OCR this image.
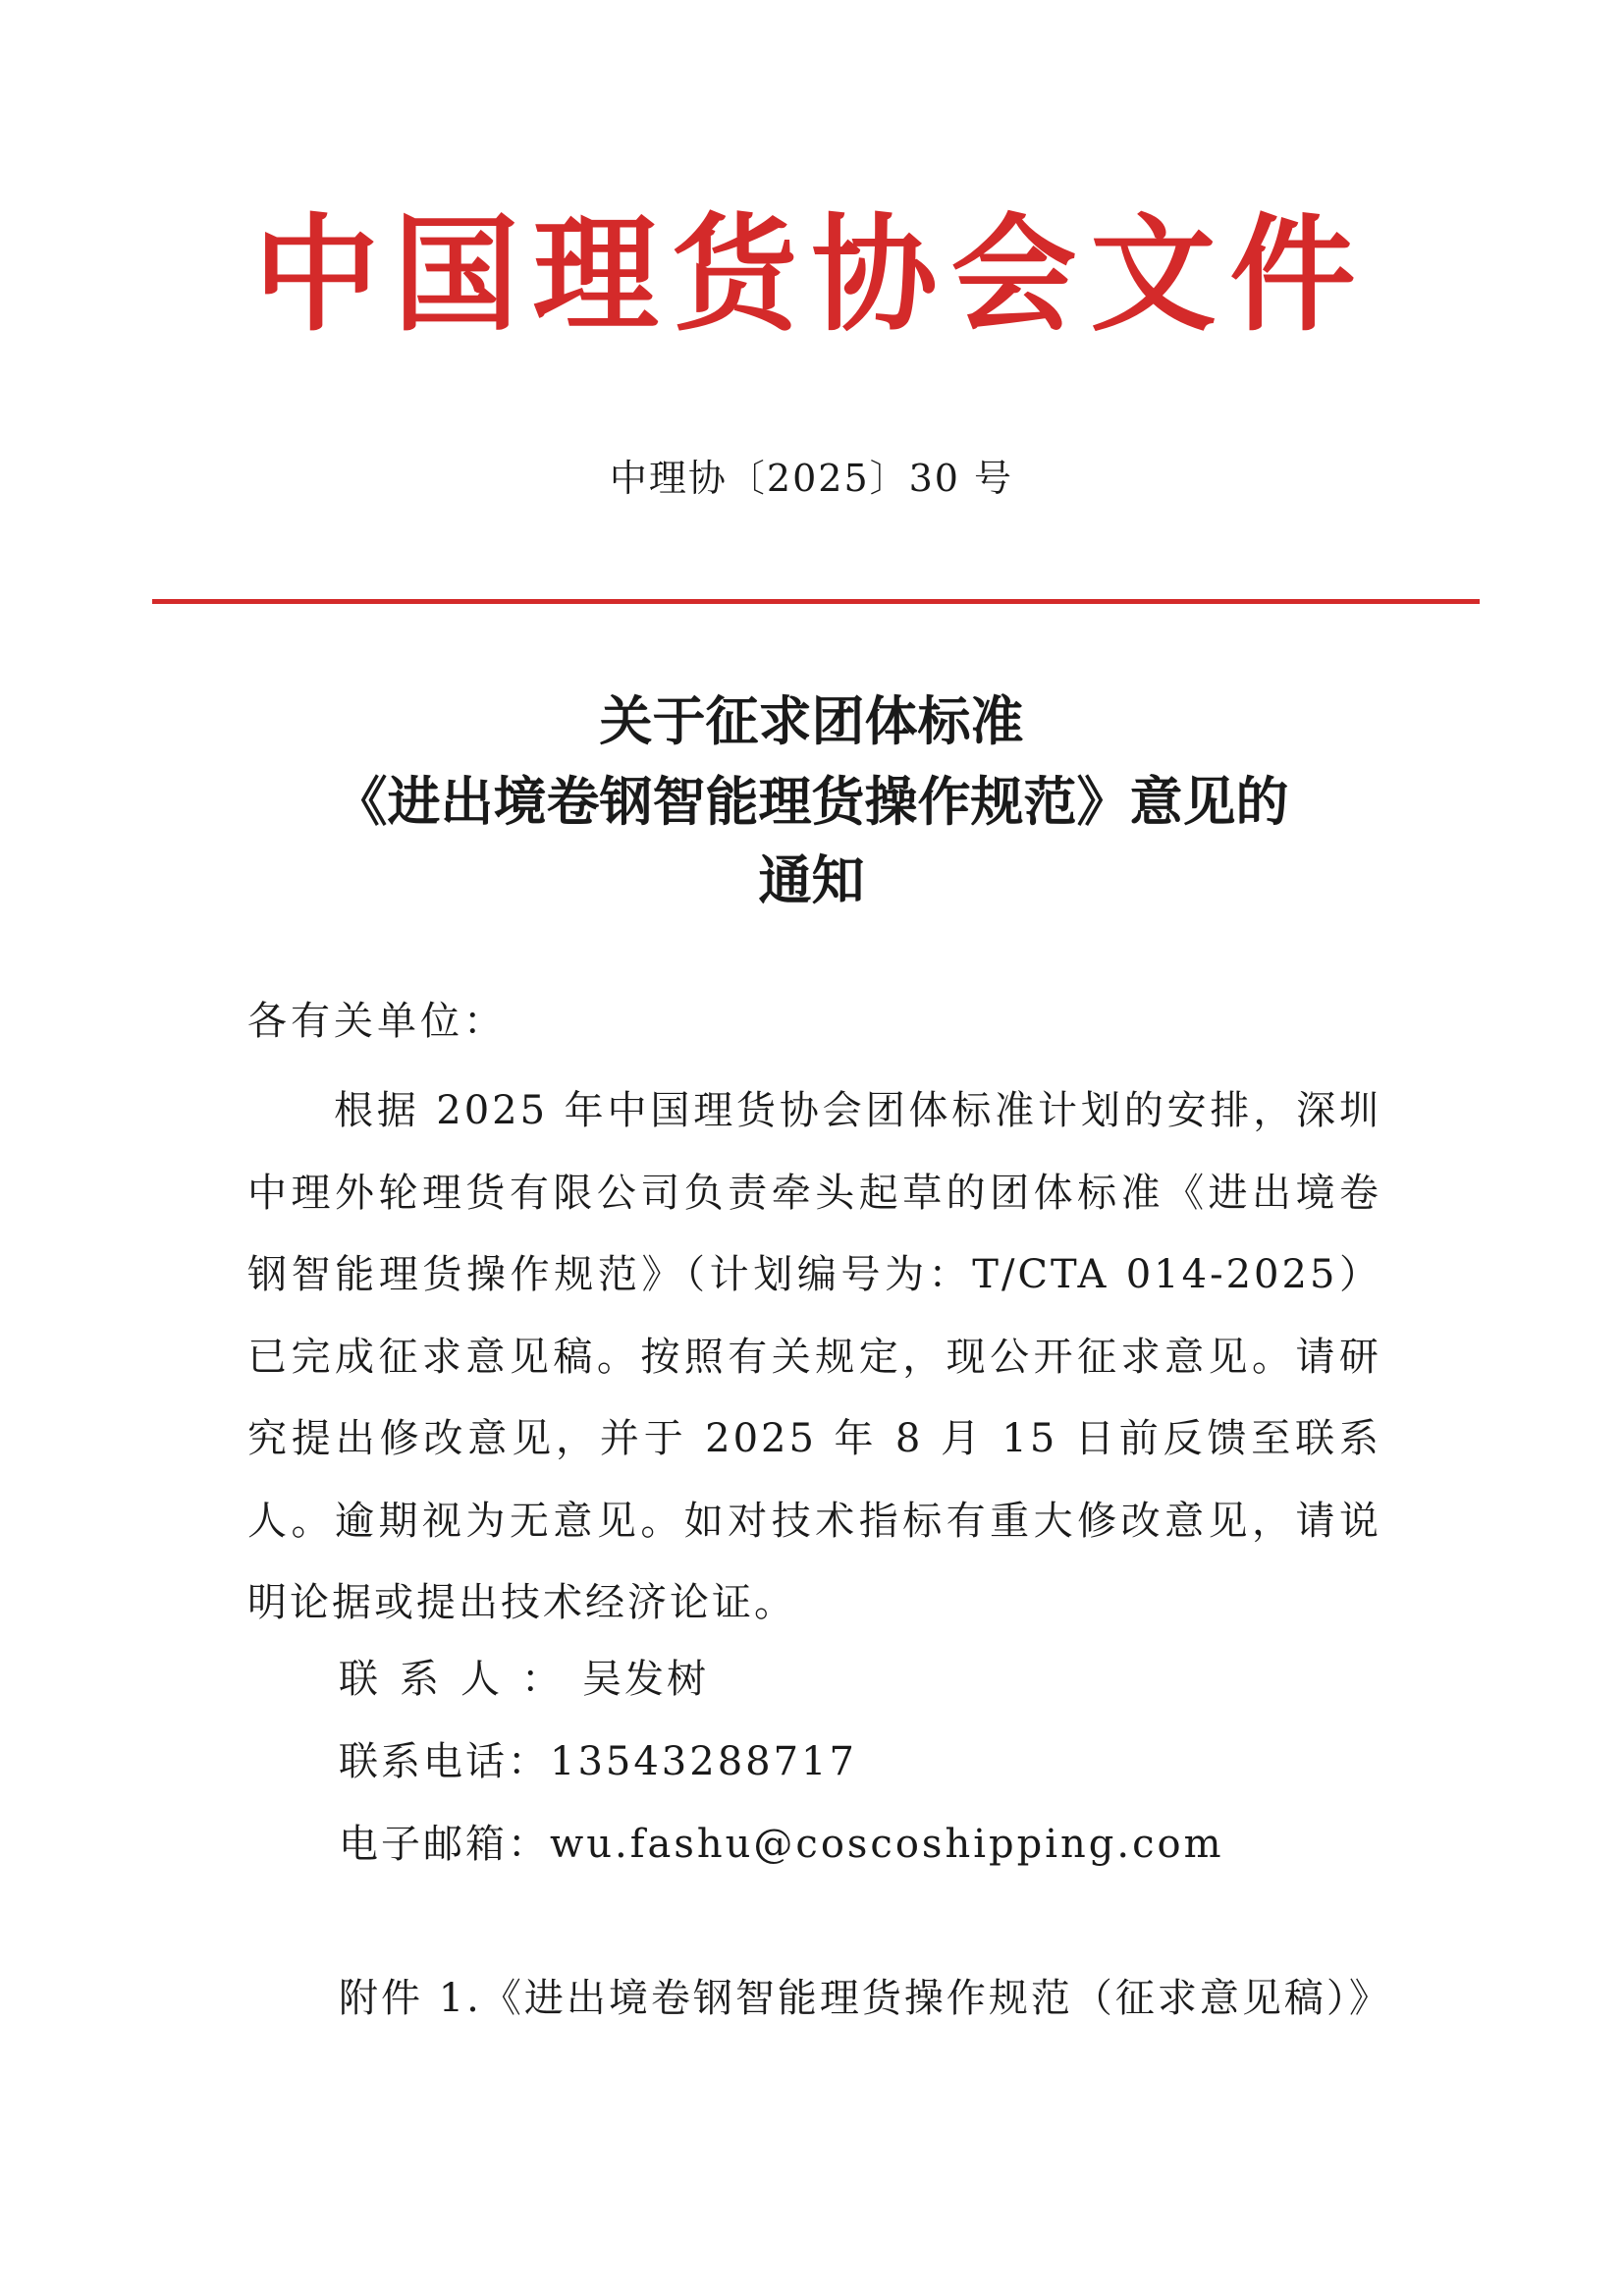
中国理货协会文件
中理协〔2025〕30 号
关于征求团体标准
《进出境卷钢智能理货操作规范》意见的
通知
各有关单位：

根据 2025 年中国理货协会团体标准计划的安排，深圳中理外轮理货有限公司负责牵头起草的团体标准《进出境卷钢智能理货操作规范》（计划编号为：T/CTA 014-2025）已完成征求意见稿。按照有关规定，现公开征求意见。请研究提出修改意见，并于 2025 年 8 月 15 日前反馈至联系人。逾期视为无意见。如对技术指标有重大修改意见，请说明论据或提出技术经济论证。

联系人：吴发树
联系电话：13543288717
电子邮箱：wu.fashu@coscoshipping.com
附件 1.《进出境卷钢智能理货操作规范（征求意见稿）》
